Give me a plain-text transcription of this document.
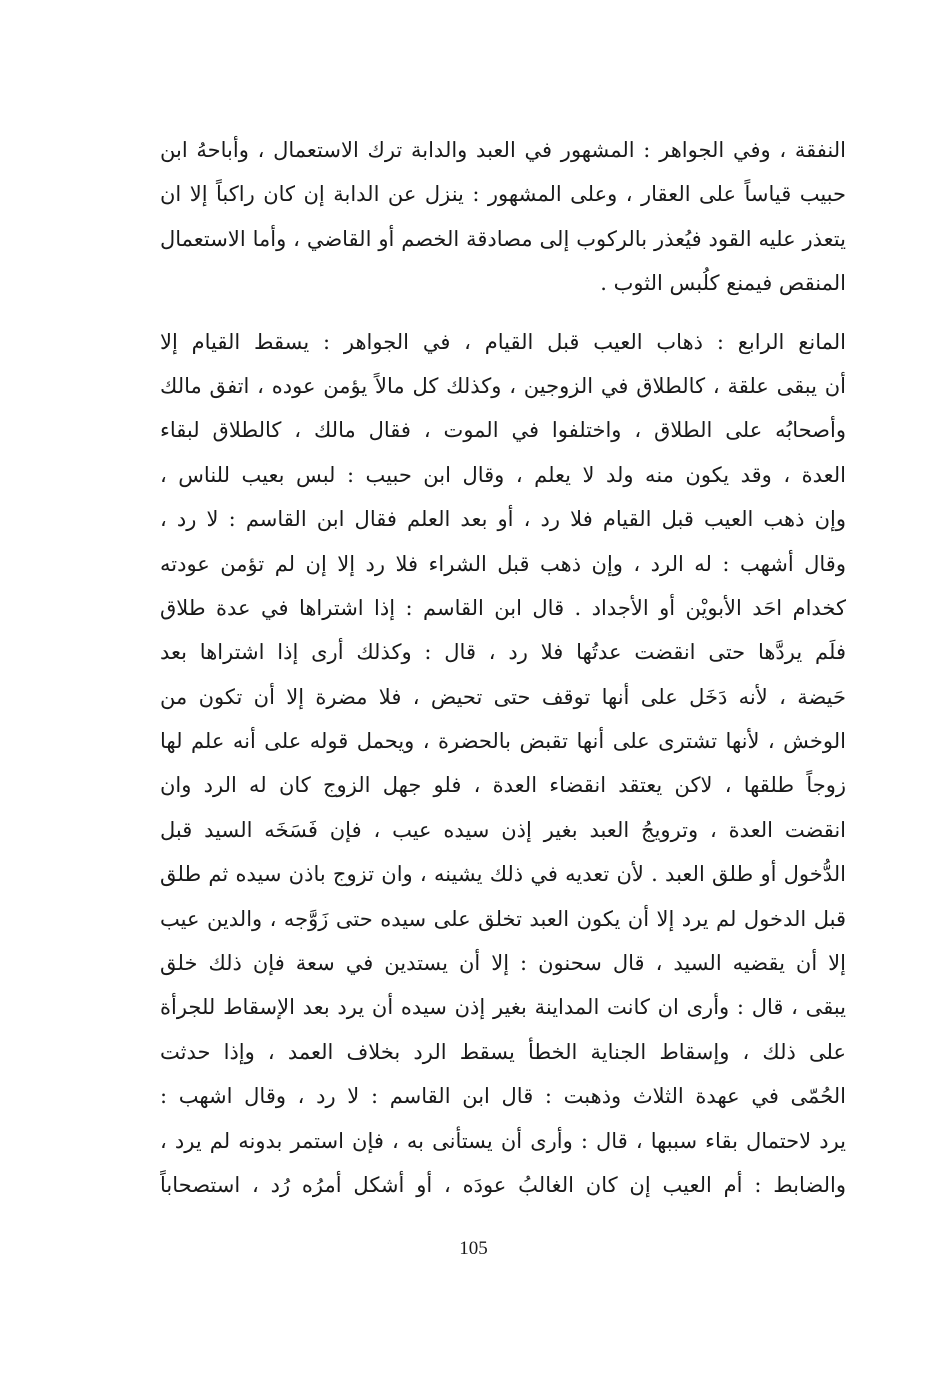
النفقة ، وفي الجواهر : المشهور في العبد والدابة ترك الاستعمال ، وأباحهُ ابن
حبيب قياساً على العقار ، وعلى المشهور : ينزل عن الدابة إن كان راكباً إلا ان
يتعذر عليه القود فيُعذر بالركوب إلى مصادقة الخصم أو القاضي ، وأما الاستعمال
المنقص فيمنع كلُبس الثوب .
المانع الرابع : ذهاب العيب قبل القيام ، في الجواهر : يسقط القيام إلا
أن يبقى علقة ، كالطلاق في الزوجين ، وكذلك كل مالاً يؤمن عوده ، اتفق مالك
وأصحابُه على الطلاق ، واختلفوا في الموت ، فقال مالك ، كالطلاق لبقاء
العدة ، وقد يكون منه ولد لا يعلم ، وقال ابن حبيب : لبس بعيب للناس ،
وإن ذهب العيب قبل القيام فلا رد ، أو بعد العلم فقال ابن القاسم : لا رد ،
وقال أشهب : له الرد ، وإن ذهب قبل الشراء فلا رد إلا إن لم تؤمن عودته
كخدام احَد الأبويْن أو الأجداد . قال ابن القاسم : إذا اشتراها في عدة طلاق
فلَم يردَّها حتى انقضت عدتُها فلا رد ، قال : وكذلك أرى إذا اشتراها بعد
حَيضة ، لأنه دَخَل على أنها توقف حتى تحيض ، فلا مضرة إلا أن تكون من
الوخش ، لأنها تشترى على أنها تقبض بالحضرة ، ويحمل قوله على أنه علم لها
زوجاً طلقها ، لاكن يعتقد انقضاء العدة ، فلو جهل الزوج كان له الرد وان
انقضت العدة ، وترويجُ العبد بغير إذن سيده عيب ، فإن فَسَخَه السيد قبل
الدُّخول أو طلق العبد . لأن تعديه في ذلك يشينه ، وان تزوج باذن سيده ثم طلق
قبل الدخول لم يرد إلا أن يكون العبد تخلق على سيده حتى زَوَّجه ، والدين عيب
إلا أن يقضيه السيد ، قال سحنون : إلا أن يستدين في سعة فإن ذلك خلق
يبقى ، قال : وأرى ان كانت المداينة بغير إذن سيده أن يرد بعد الإسقاط للجرأة
على ذلك ، وإسقاط الجناية الخطأ يسقط الرد بخلاف العمد ، وإذا حدثت
الحُمّى في عهدة الثلاث وذهبت : قال ابن القاسم : لا رد ، وقال اشهب :
يرد لاحتمال بقاء سببها ، قال : وأرى أن يستأنى به ، فإن استمر بدونه لم يرد ،
والضابط : أم العيب إن كان الغالبُ عودَه ، أو أشكل أمرُه رُد ، استصحاباً
105
